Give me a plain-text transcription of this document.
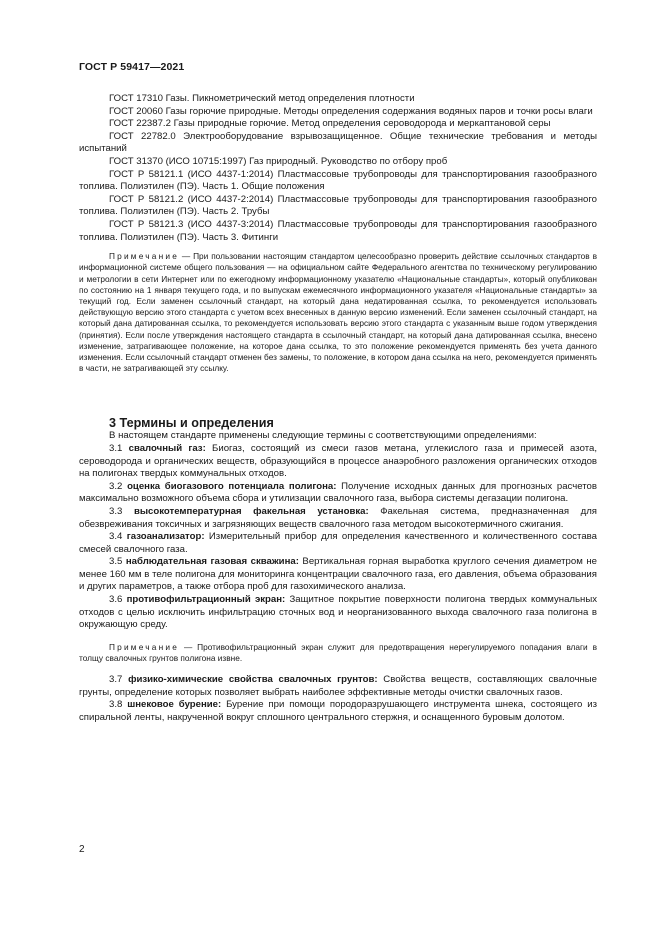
ГОСТ Р 59417—2021

ГОСТ 17310 Газы. Пикнометрический метод определения плотности

ГОСТ 20060 Газы горючие природные. Методы определения содержания водяных паров и точки росы влаги

ГОСТ 22387.2 Газы природные горючие. Метод определения сероводорода и меркаптановой серы

ГОСТ 22782.0 Электрооборудование взрывозащищенное. Общие технические требования и методы испытаний

ГОСТ 31370 (ИСО 10715:1997) Газ природный. Руководство по отбору проб

ГОСТ Р 58121.1 (ИСО 4437-1:2014) Пластмассовые трубопроводы для транспортирования газообразного топлива. Полиэтилен (ПЭ). Часть 1. Общие положения

ГОСТ Р 58121.2 (ИСО 4437-2:2014) Пластмассовые трубопроводы для транспортирования газообразного топлива. Полиэтилен (ПЭ). Часть 2. Трубы

ГОСТ Р 58121.3 (ИСО 4437-3:2014) Пластмассовые трубопроводы для транспортирования газообразного топлива. Полиэтилен (ПЭ). Часть 3. Фитинги

Примечание — При пользовании настоящим стандартом целесообразно проверить действие ссылочных стандартов в информационной системе общего пользования — на официальном сайте Федерального агентства по техническому регулированию и метрологии в сети Интернет или по ежегодному информационному указателю «Национальные стандарты», который опубликован по состоянию на 1 января текущего года, и по выпускам ежемесячного информационного указателя «Национальные стандарты» за текущий год. Если заменен ссылочный стандарт, на который дана недатированная ссылка, то рекомендуется использовать действующую версию этого стандарта с учетом всех внесенных в данную версию изменений. Если заменен ссылочный стандарт, на который дана датированная ссылка, то рекомендуется использовать версию этого стандарта с указанным выше годом утверждения (принятия). Если после утверждения настоящего стандарта в ссылочный стандарт, на который дана датированная ссылка, внесено изменение, затрагивающее положение, на которое дана ссылка, то это положение рекомендуется применять без учета данного изменения. Если ссылочный стандарт отменен без замены, то положение, в котором дана ссылка на него, рекомендуется применять в части, не затрагивающей эту ссылку.

3 Термины и определения

В настоящем стандарте применены следующие термины с соответствующими определениями:

3.1 свалочный газ: Биогаз, состоящий из смеси газов метана, углекислого газа и примесей азота, сероводорода и органических веществ, образующийся в процессе анаэробного разложения органических отходов на полигонах твердых коммунальных отходов.

3.2 оценка биогазового потенциала полигона: Получение исходных данных для прогнозных расчетов максимально возможного объема сбора и утилизации свалочного газа, выбора системы дегазации полигона.

3.3 высокотемпературная факельная установка: Факельная система, предназначенная для обезвреживания токсичных и загрязняющих веществ свалочного газа методом высокотермичного сжигания.

3.4 газоанализатор: Измерительный прибор для определения качественного и количественного состава смесей свалочного газа.

3.5 наблюдательная газовая скважина: Вертикальная горная выработка круглого сечения диаметром не менее 160 мм в теле полигона для мониторинга концентрации свалочного газа, его давления, объема образования и других параметров, а также отбора проб для газохимического анализа.

3.6 противофильтрационный экран: Защитное покрытие поверхности полигона твердых коммунальных отходов с целью исключить инфильтрацию сточных вод и неорганизованного выхода свалочного газа полигона в окружающую среду.

Примечание — Противофильтрационный экран служит для предотвращения нерегулируемого попадания влаги в толщу свалочных грунтов полигона извне.

3.7 физико-химические свойства свалочных грунтов: Свойства веществ, составляющих свалочные грунты, определение которых позволяет выбрать наиболее эффективные методы очистки свалочных газов.

3.8 шнековое бурение: Бурение при помощи породоразрушающего инструмента шнека, состоящего из спиральной ленты, накрученной вокруг сплошного центрального стержня, и оснащенного буровым долотом.

2
